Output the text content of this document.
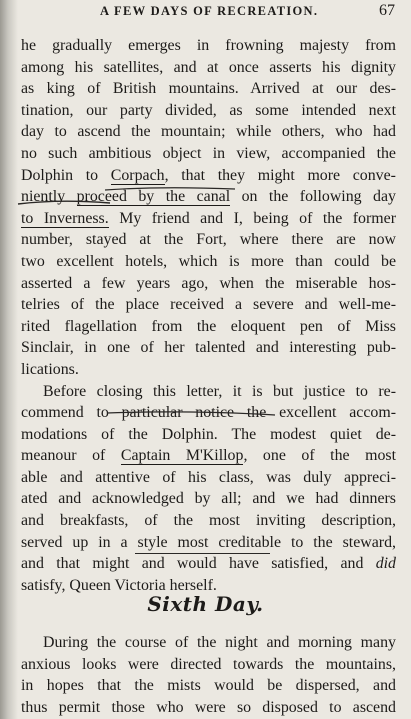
A FEW DAYS OF RECREATION.	67
he gradually emerges in frowning majesty from
among his satellites, and at once asserts his dignity
as king of British mountains. Arrived at our des-
tination, our party divided, as some intended next
day to ascend the mountain; while others, who had
no such ambitious object in view, accompanied the
Dolphin to Corpach, that they might more conve-
niently proceed by the canal on the following day
to Inverness. My friend and I, being of the former
number, stayed at the Fort, where there are now
two excellent hotels, which is more than could be
asserted a few years ago, when the miserable hos-
telries of the place received a severe and well-me-
rited flagellation from the eloquent pen of Miss
Sinclair, in one of her talented and interesting pub-
lications.
Before closing this letter, it is but justice to re-
commend to particular notice the excellent accom-
modations of the Dolphin. The modest quiet de-
meanour of Captain M'Killop, one of the most
able and attentive of his class, was duly appreci-
ated and acknowledged by all; and we had dinners
and breakfasts, of the most inviting description,
served up in a style most creditable to the steward,
and that might and would have satisfied, and did
satisfy, Queen Victoria herself.
Sixth Day.
During the course of the night and morning many
anxious looks were directed towards the mountains,
in hopes that the mists would be dispersed, and
thus permit those who were so disposed to ascend
